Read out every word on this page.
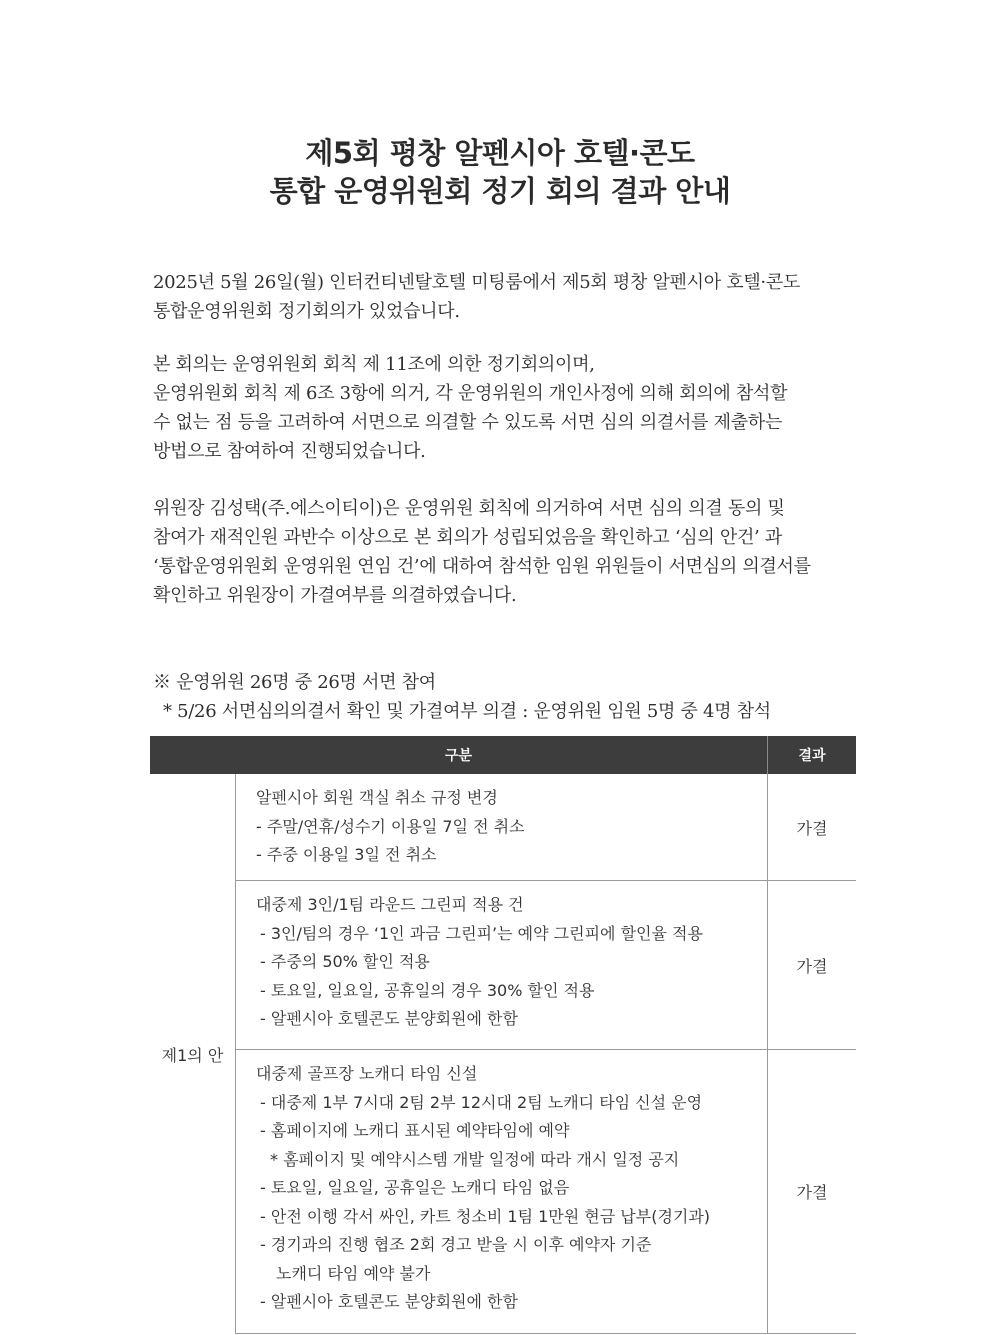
제5회 평창 알펜시아 호텔·콘도
통합 운영위원회 정기 회의 결과 안내
2025년 5월 26일(월) 인터컨티넨탈호텔 미팅룸에서 제5회 평창 알펜시아 호텔·콘도
통합운영위원회 정기회의가 있었습니다.
본 회의는 운영위원회 회칙 제 11조에 의한 정기회의이며,
운영위원회 회칙 제 6조 3항에 의거, 각 운영위원의 개인사정에 의해 회의에 참석할
수 없는 점 등을 고려하여 서면으로 의결할 수 있도록 서면 심의 의결서를 제출하는
방법으로 참여하여 진행되었습니다.
위원장 김성택(주.에스이티이)은 운영위원 회칙에 의거하여 서면 심의 의결 동의 및
참여가 재적인원 과반수 이상으로 본 회의가 성립되었음을 확인하고 ‘심의 안건’ 과
‘통합운영위원회 운영위원 연임 건’에 대하여 참석한 임원 위원들이 서면심의 의결서를
확인하고 위원장이 가결여부를 의결하였습니다.
※ 운영위원 26명 중 26명 서면 참여
* 5/26 서면심의의결서 확인 및 가결여부 의결 : 운영위원 임원 5명 중 4명 참석
구분	결과
제1의 안
알펜시아 회원 객실 취소 규정 변경
- 주말/연휴/성수기 이용일 7일 전 취소
- 주중 이용일 3일 전 취소
가결
대중제 3인/1팀 라운드 그린피 적용 건
- 3인/팀의 경우 ‘1인 과금 그린피’는 예약 그린피에 할인율 적용
- 주중의 50% 할인 적용
- 토요일, 일요일, 공휴일의 경우 30% 할인 적용
- 알펜시아 호텔콘도 분양회원에 한함
가결
대중제 골프장 노캐디 타임 신설
- 대중제 1부 7시대 2팀 2부 12시대 2팀 노캐디 타임 신설 운영
- 홈페이지에 노캐디 표시된 예약타임에 예약
* 홈페이지 및 예약시스템 개발 일정에 따라 개시 일정 공지
- 토요일, 일요일, 공휴일은 노캐디 타임 없음
- 안전 이행 각서 싸인, 카트 청소비 1팀 1만원 현금 납부(경기과)
- 경기과의 진행 협조 2회 경고 받을 시 이후 예약자 기준
노캐디 타임 예약 불가
- 알펜시아 호텔콘도 분양회원에 한함
가결
